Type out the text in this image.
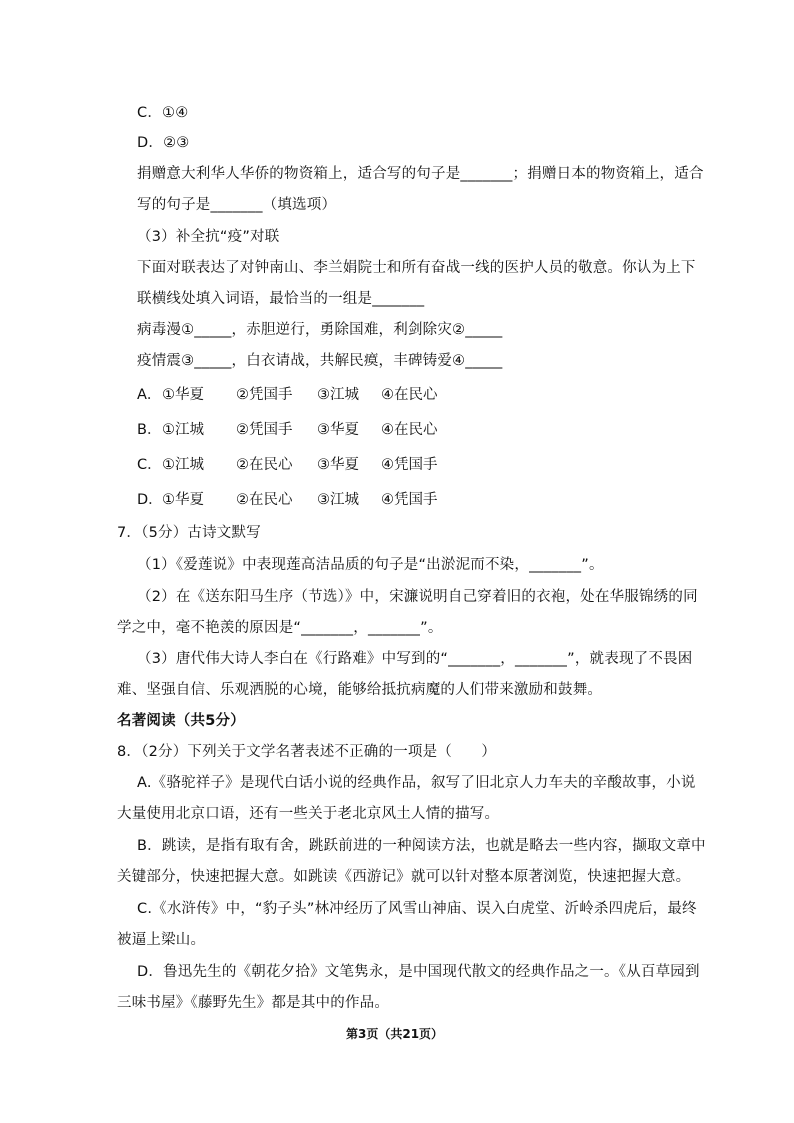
C．①④
D．②③
捐赠意大利华人华侨的物资箱上，适合写的句子是_______；捐赠日本的物资箱上，适合
写的句子是_______（填选项）
（3）补全抗“疫”对联
下面对联表达了对钟南山、李兰娟院士和所有奋战一线的医护人员的敬意。你认为上下
联横线处填入词语，最恰当的一组是_______
病毒漫①_____，赤胆逆行，勇除国难，利剑除灾②_____
疫情震③_____，白衣请战，共解民瘼，丰碑铸爱④_____
A． ①华夏 ②凭国手 ③江城 ④在民心
B． ①江城 ②凭国手 ③华夏 ④在民心
C． ①江城 ②在民心 ③华夏 ④凭国手
D． ①华夏 ②在民心 ③江城 ④凭国手
7．（5分）古诗文默写
（1）《爱莲说》中表现莲高洁品质的句子是“出淤泥而不染，_______”。
（2）在《送东阳马生序（节选）》中，宋濂说明自己穿着旧的衣袍，处在华服锦绣的同
学之中，毫不艳羡的原因是“_______，_______”。
（3）唐代伟大诗人李白在《行路难》中写到的“_______，_______”，就表现了不畏困
难、坚强自信、乐观洒脱的心境，能够给抵抗病魔的人们带来激励和鼓舞。
名著阅读（共5分）
8．（2分）下列关于文学名著表述不正确的一项是（　　）
A.《骆驼祥子》是现代白话小说的经典作品，叙写了旧北京人力车夫的辛酸故事，小说
大量使用北京口语，还有一些关于老北京风土人情的描写。
B．跳读，是指有取有舍，跳跃前进的一种阅读方法，也就是略去一些内容，撷取文章中
关键部分，快速把握大意。如跳读《西游记》就可以针对整本原著浏览，快速把握大意。
C.《水浒传》中，“豹子头”林冲经历了风雪山神庙、误入白虎堂、沂岭杀四虎后，最终
被逼上梁山。
D．鲁迅先生的《朝花夕拾》文笔隽永，是中国现代散文的经典作品之一。《从百草园到
三味书屋》《藤野先生》都是其中的作品。
第3页（共21页）
